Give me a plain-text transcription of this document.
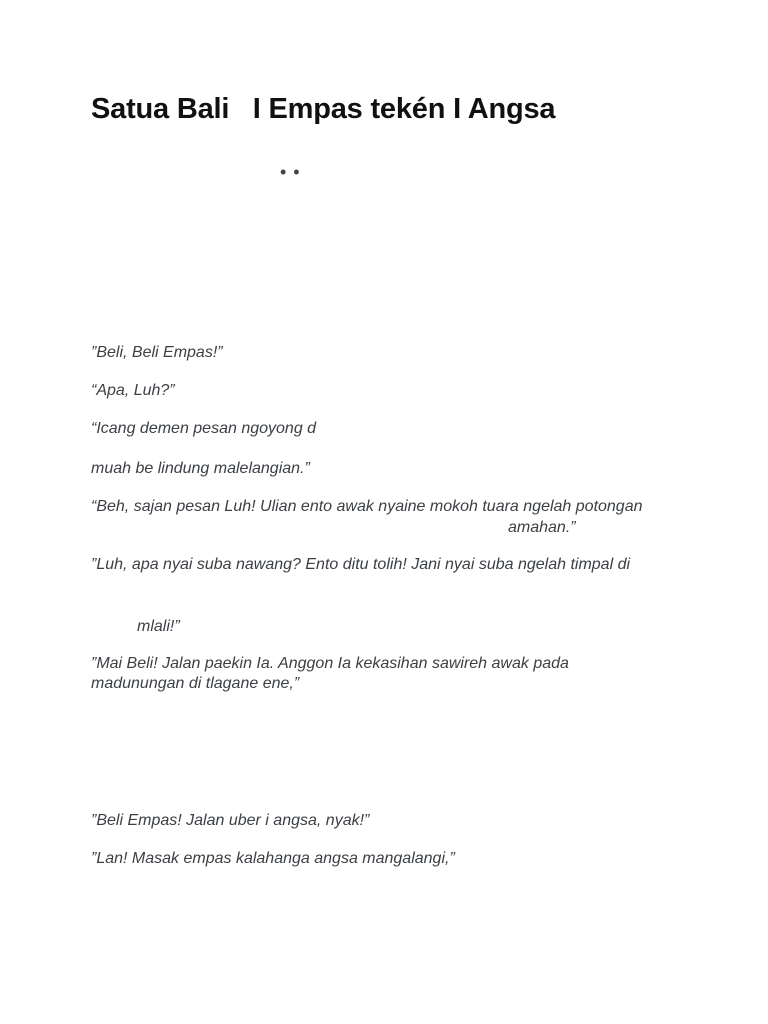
Satua Bali   I Empas tekén I Angsa
• •

”Beli, Beli Empas!”

“Apa, Luh?”

“Icang demen pesan ngoyong d

muah be lindung malelangian.”

“Beh, sajan pesan Luh! Ulian ento awak nyaine mokoh tuara ngelah potongan

amahan.”

”Luh, apa nyai suba nawang? Ento ditu tolih! Jani nyai suba ngelah timpal di

mlali!”

”Mai Beli! Jalan paekin Ia. Anggon Ia kekasihan sawireh awak pada

madunungan di tlagane ene,”

”Beli Empas! Jalan uber i angsa, nyak!”

”Lan! Masak empas kalahanga angsa mangalangi,”
